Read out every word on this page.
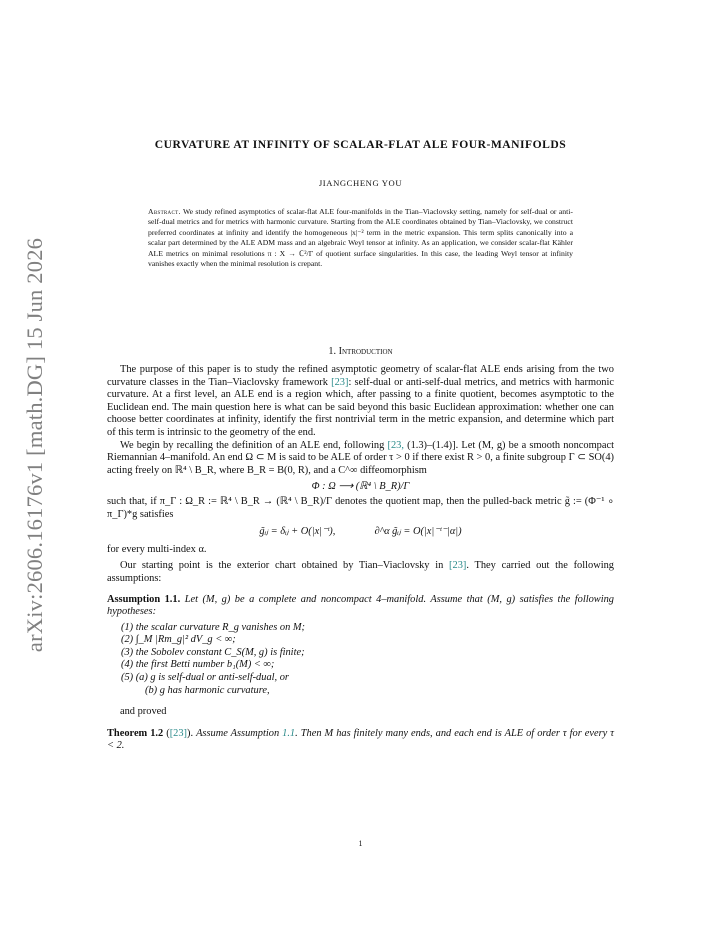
arXiv:2606.16176v1 [math.DG] 15 Jun 2026
CURVATURE AT INFINITY OF SCALAR-FLAT ALE FOUR-MANIFOLDS
JIANGCHENG YOU
Abstract. We study refined asymptotics of scalar-flat ALE four-manifolds in the Tian–Viaclovsky setting, namely for self-dual or anti-self-dual metrics and for metrics with harmonic curvature. Starting from the ALE coordinates obtained by Tian–Viaclovsky, we construct preferred coordinates at infinity and identify the homogeneous |x|⁻² term in the metric expansion. This term splits canonically into a scalar part determined by the ALE ADM mass and an algebraic Weyl tensor at infinity. As an application, we consider scalar-flat Kähler ALE metrics on minimal resolutions π : X → ℂ²/Γ of quotient surface singularities. In this case, the leading Weyl tensor at infinity vanishes exactly when the minimal resolution is crepant.
1. Introduction

The purpose of this paper is to study the refined asymptotic geometry of scalar-flat ALE ends arising from the two curvature classes in the Tian–Viaclovsky framework [23]: self-dual or anti-self-dual metrics, and metrics with harmonic curvature. At a first level, an ALE end is a region which, after passing to a finite quotient, becomes asymptotic to the Euclidean end. The main question here is what can be said beyond this basic Euclidean approximation: whether one can choose better coordinates at infinity, identify the first nontrivial term in the metric expansion, and determine which part of this term is intrinsic to the geometry of the end.

We begin by recalling the definition of an ALE end, following [23, (1.3)–(1.4)]. Let (M, g) be a smooth noncompact Riemannian 4–manifold. An end Ω ⊂ M is said to be ALE of order τ > 0 if there exist R > 0, a finite subgroup Γ ⊂ SO(4) acting freely on ℝ⁴ \ B_R, where B_R = B(0, R), and a C^∞ diffeomorphism

Φ : Ω ⟶ (ℝ⁴ \ B_R)/Γ

such that, if π_Γ : Ω_R := ℝ⁴ \ B_R → (ℝ⁴ \ B_R)/Γ denotes the quotient map, then the pulled-back metric g̃ := (Φ⁻¹ ∘ π_Γ)*g satisfies

g̃ᵢⱼ = δᵢⱼ + O(|x|⁻ᵗ),	∂^α g̃ᵢⱼ = O(|x|⁻ᵗ⁻|α|)

for every multi-index α.

Our starting point is the exterior chart obtained by Tian–Viaclovsky in [23]. They carried out the following assumptions:

Assumption 1.1. Let (M, g) be a complete and noncompact 4–manifold. Assume that (M, g) satisfies the following hypotheses:

(1) the scalar curvature R_g vanishes on M;
(2) ∫_M |Rm_g|² dV_g < ∞;
(3) the Sobolev constant C_S(M, g) is finite;
(4) the first Betti number b₁(M) < ∞;
(5) (a) g is self-dual or anti-self-dual, or
(b) g has harmonic curvature,

and proved

Theorem 1.2 ([23]). Assume Assumption 1.1. Then M has finitely many ends, and each end is ALE of order τ for every τ < 2.

1
